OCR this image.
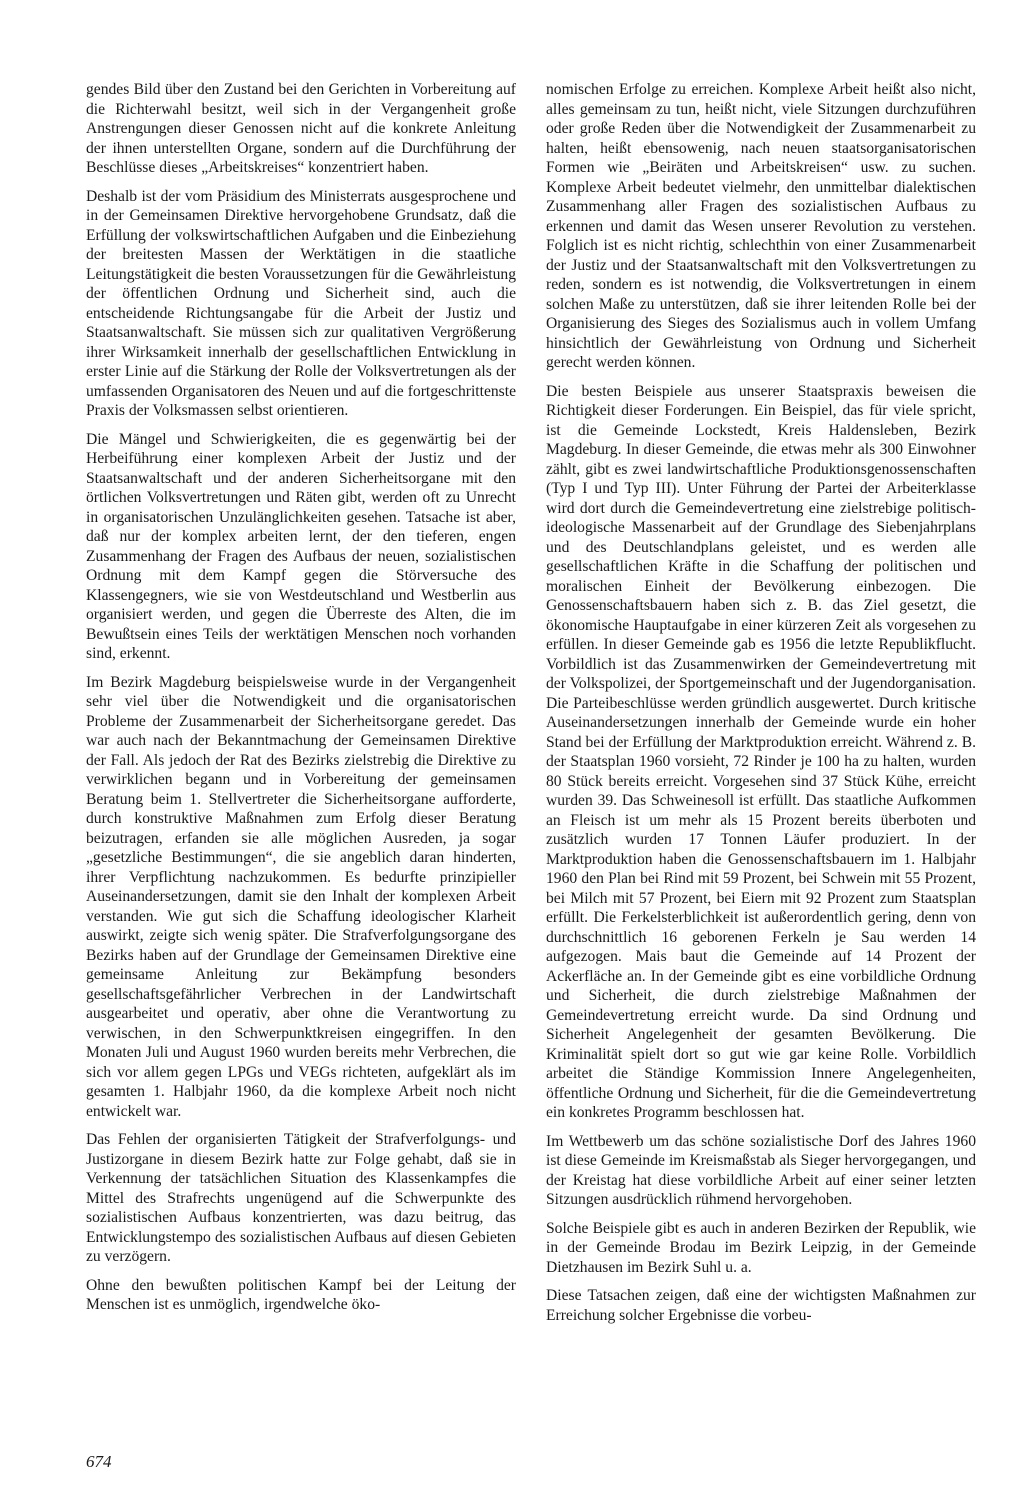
gendes Bild über den Zustand bei den Gerichten in Vorbereitung auf die Richterwahl besitzt, weil sich in der Vergangenheit große Anstrengungen dieser Genossen nicht auf die konkrete Anleitung der ihnen unterstellten Organe, sondern auf die Durchführung der Beschlüsse dieses „Arbeitskreises“ konzentriert haben.

Deshalb ist der vom Präsidium des Ministerrats ausgesprochene und in der Gemeinsamen Direktive hervorgehobene Grundsatz, daß die Erfüllung der volkswirtschaftlichen Aufgaben und die Einbeziehung der breitesten Massen der Werktätigen in die staatliche Leitungstätigkeit die besten Voraussetzungen für die Gewährleistung der öffentlichen Ordnung und Sicherheit sind, auch die entscheidende Richtungsangabe für die Arbeit der Justiz und Staatsanwaltschaft. Sie müssen sich zur qualitativen Vergrößerung ihrer Wirksamkeit innerhalb der gesellschaftlichen Entwicklung in erster Linie auf die Stärkung der Rolle der Volksvertretungen als der umfassenden Organisatoren des Neuen und auf die fortgeschrittenste Praxis der Volksmassen selbst orientieren.

Die Mängel und Schwierigkeiten, die es gegenwärtig bei der Herbeiführung einer komplexen Arbeit der Justiz und der Staatsanwaltschaft und der anderen Sicherheitsorgane mit den örtlichen Volksvertretungen und Räten gibt, werden oft zu Unrecht in organisatorischen Unzulänglichkeiten gesehen. Tatsache ist aber, daß nur der komplex arbeiten lernt, der den tieferen, engen Zusammenhang der Fragen des Aufbaus der neuen, sozialistischen Ordnung mit dem Kampf gegen die Störversuche des Klassengegners, wie sie von Westdeutschland und Westberlin aus organisiert werden, und gegen die Überreste des Alten, die im Bewußtsein eines Teils der werktätigen Menschen noch vorhanden sind, erkennt.

Im Bezirk Magdeburg beispielsweise wurde in der Vergangenheit sehr viel über die Notwendigkeit und die organisatorischen Probleme der Zusammenarbeit der Sicherheitsorgane geredet. Das war auch nach der Bekanntmachung der Gemeinsamen Direktive der Fall. Als jedoch der Rat des Bezirks zielstrebig die Direktive zu verwirklichen begann und in Vorbereitung der gemeinsamen Beratung beim 1. Stellvertreter die Sicherheitsorgane aufforderte, durch konstruktive Maßnahmen zum Erfolg dieser Beratung beizutragen, erfanden sie alle möglichen Ausreden, ja sogar „gesetzliche Bestimmungen“, die sie angeblich daran hinderten, ihrer Verpflichtung nachzukommen. Es bedurfte prinzipieller Auseinandersetzungen, damit sie den Inhalt der komplexen Arbeit verstanden. Wie gut sich die Schaffung ideologischer Klarheit auswirkt, zeigte sich wenig später. Die Strafverfolgungsorgane des Bezirks haben auf der Grundlage der Gemeinsamen Direktive eine gemeinsame Anleitung zur Bekämpfung besonders gesellschaftsgefährlicher Verbrechen in der Landwirtschaft ausgearbeitet und operativ, aber ohne die Verantwortung zu verwischen, in den Schwerpunktkreisen eingegriffen. In den Monaten Juli und August 1960 wurden bereits mehr Verbrechen, die sich vor allem gegen LPGs und VEGs richteten, aufgeklärt als im gesamten 1. Halbjahr 1960, da die komplexe Arbeit noch nicht entwickelt war.

Das Fehlen der organisierten Tätigkeit der Strafverfolgungs- und Justizorgane in diesem Bezirk hatte zur Folge gehabt, daß sie in Verkennung der tatsächlichen Situation des Klassenkampfes die Mittel des Strafrechts ungenügend auf die Schwerpunkte des sozialistischen Aufbaus konzentrierten, was dazu beitrug, das Entwicklungstempo des sozialistischen Aufbaus auf diesen Gebieten zu verzögern.

Ohne den bewußten politischen Kampf bei der Leitung der Menschen ist es unmöglich, irgendwelche öko-

nomischen Erfolge zu erreichen. Komplexe Arbeit heißt also nicht, alles gemeinsam zu tun, heißt nicht, viele Sitzungen durchzuführen oder große Reden über die Notwendigkeit der Zusammenarbeit zu halten, heißt ebensowenig, nach neuen staatsorganisatorischen Formen wie „Beiräten und Arbeitskreisen“ usw. zu suchen. Komplexe Arbeit bedeutet vielmehr, den unmittelbar dialektischen Zusammenhang aller Fragen des sozialistischen Aufbaus zu erkennen und damit das Wesen unserer Revolution zu verstehen. Folglich ist es nicht richtig, schlechthin von einer Zusammenarbeit der Justiz und der Staatsanwaltschaft mit den Volksvertretungen zu reden, sondern es ist notwendig, die Volksvertretungen in einem solchen Maße zu unterstützen, daß sie ihrer leitenden Rolle bei der Organisierung des Sieges des Sozialismus auch in vollem Umfang hinsichtlich der Gewährleistung von Ordnung und Sicherheit gerecht werden können.

Die besten Beispiele aus unserer Staatspraxis beweisen die Richtigkeit dieser Forderungen. Ein Beispiel, das für viele spricht, ist die Gemeinde Lockstedt, Kreis Haldensleben, Bezirk Magdeburg. In dieser Gemeinde, die etwas mehr als 300 Einwohner zählt, gibt es zwei landwirtschaftliche Produktionsgenossenschaften (Typ I und Typ III). Unter Führung der Partei der Arbeiterklasse wird dort durch die Gemeindevertretung eine zielstrebige politisch-ideologische Massenarbeit auf der Grundlage des Siebenjahrplans und des Deutschlandplans geleistet, und es werden alle gesellschaftlichen Kräfte in die Schaffung der politischen und moralischen Einheit der Bevölkerung einbezogen. Die Genossenschaftsbauern haben sich z. B. das Ziel gesetzt, die ökonomische Hauptaufgabe in einer kürzeren Zeit als vorgesehen zu erfüllen. In dieser Gemeinde gab es 1956 die letzte Republikflucht. Vorbildlich ist das Zusammenwirken der Gemeindevertretung mit der Volkspolizei, der Sportgemeinschaft und der Jugendorganisation. Die Parteibeschlüsse werden gründlich ausgewertet. Durch kritische Auseinandersetzungen innerhalb der Gemeinde wurde ein hoher Stand bei der Erfüllung der Marktproduktion erreicht. Während z. B. der Staatsplan 1960 vorsieht, 72 Rinder je 100 ha zu halten, wurden 80 Stück bereits erreicht. Vorgesehen sind 37 Stück Kühe, erreicht wurden 39. Das Schweinesoll ist erfüllt. Das staatliche Aufkommen an Fleisch ist um mehr als 15 Prozent bereits überboten und zusätzlich wurden 17 Tonnen Läufer produziert. In der Marktproduktion haben die Genossenschaftsbauern im 1. Halbjahr 1960 den Plan bei Rind mit 59 Prozent, bei Schwein mit 55 Prozent, bei Milch mit 57 Prozent, bei Eiern mit 92 Prozent zum Staatsplan erfüllt. Die Ferkelsterblichkeit ist außerordentlich gering, denn von durchschnittlich 16 geborenen Ferkeln je Sau werden 14 aufgezogen. Mais baut die Gemeinde auf 14 Prozent der Ackerfläche an. In der Gemeinde gibt es eine vorbildliche Ordnung und Sicherheit, die durch zielstrebige Maßnahmen der Gemeindevertretung erreicht wurde. Da sind Ordnung und Sicherheit Angelegenheit der gesamten Bevölkerung. Die Kriminalität spielt dort so gut wie gar keine Rolle. Vorbildlich arbeitet die Ständige Kommission Innere Angelegenheiten, öffentliche Ordnung und Sicherheit, für die die Gemeindevertretung ein konkretes Programm beschlossen hat.

Im Wettbewerb um das schöne sozialistische Dorf des Jahres 1960 ist diese Gemeinde im Kreismaßstab als Sieger hervorgegangen, und der Kreistag hat diese vorbildliche Arbeit auf einer seiner letzten Sitzungen ausdrücklich rühmend hervorgehoben.

Solche Beispiele gibt es auch in anderen Bezirken der Republik, wie in der Gemeinde Brodau im Bezirk Leipzig, in der Gemeinde Dietzhausen im Bezirk Suhl u. a.

Diese Tatsachen zeigen, daß eine der wichtigsten Maßnahmen zur Erreichung solcher Ergebnisse die vorbeu-

674
